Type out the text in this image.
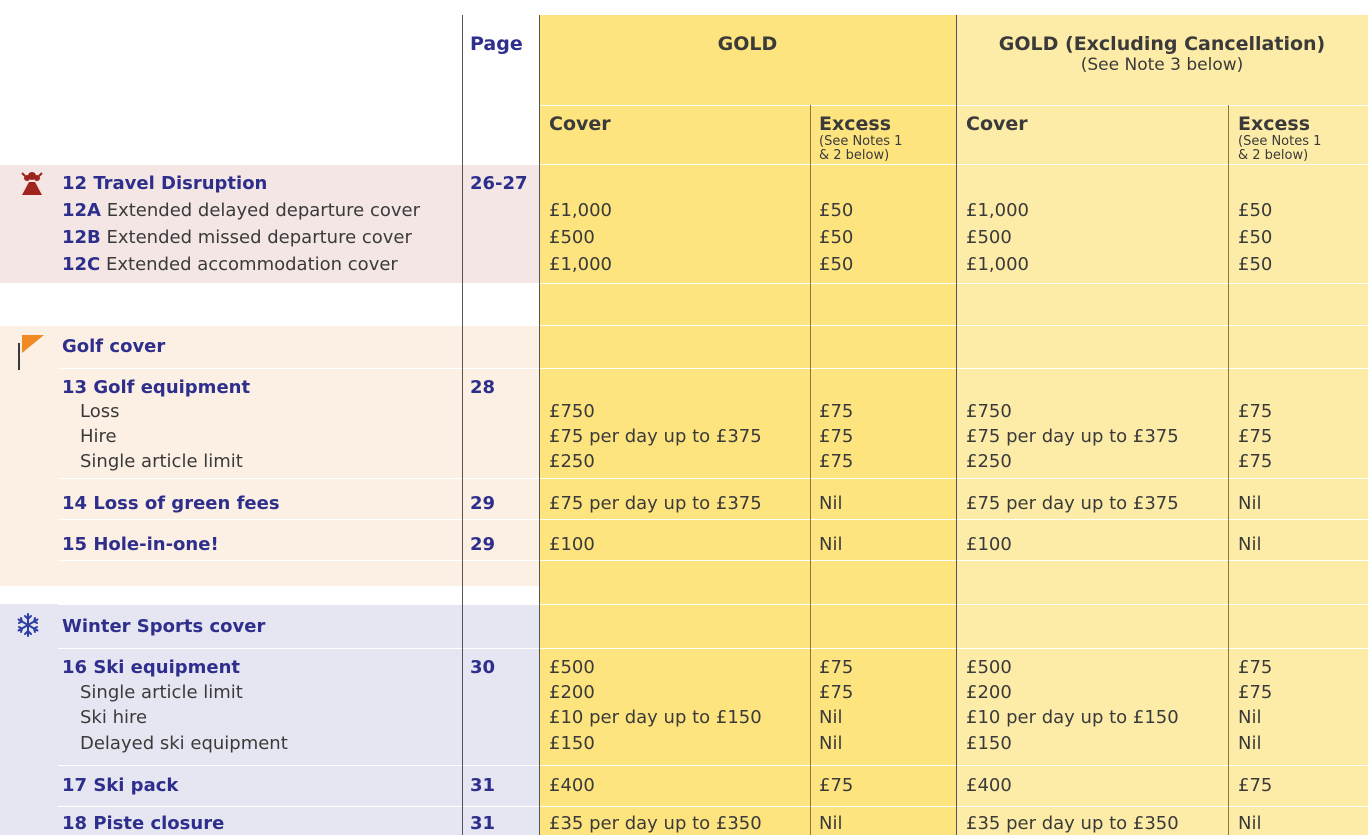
Page	GOLD	GOLD (Excluding Cancellation)
(See Note 3 below)
Cover	Excess
(See Notes 1
& 2 below)
Cover	Excess
(See Notes 1
& 2 below)
12 Travel Disruption	26-27
12A Extended delayed departure cover	£1,000	£50	£1,000	£50
12B Extended missed departure cover	£500	£50	£500	£50
12C Extended accommodation cover	£1,000	£50	£1,000	£50
Golf cover
13 Golf equipment	28
Loss	£750	£75	£750	£75
Hire	£75 per day up to £375	£75	£75 per day up to £375	£75
Single article limit	£250	£75	£250	£75
14 Loss of green fees	29	£75 per day up to £375	Nil	£75 per day up to £375	Nil
15 Hole-in-one!	29	£100	Nil	£100	Nil
Winter Sports cover
16 Ski equipment	30	£500	£75	£500	£75
Single article limit	£200	£75	£200	£75
Ski hire	£10 per day up to £150	Nil	£10 per day up to £150	Nil
Delayed ski equipment	£150	Nil	£150	Nil
17 Ski pack	31	£400	£75	£400	£75
18 Piste closure	31	£35 per day up to £350	Nil	£35 per day up to £350	Nil
